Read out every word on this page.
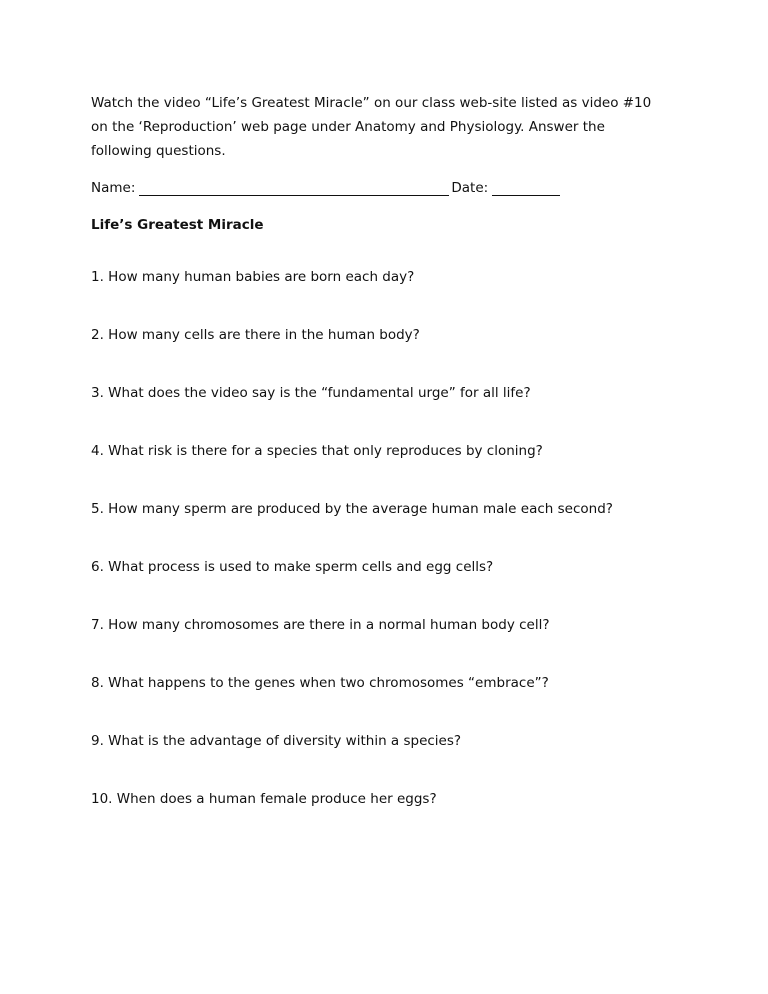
Watch the video “Life’s Greatest Miracle” on our class web-site listed as video #10
on the ‘Reproduction’ web page under Anatomy and Physiology. Answer the
following questions.
Name:	Date:
Life’s Greatest Miracle
1. How many human babies are born each day?
2. How many cells are there in the human body?
3. What does the video say is the “fundamental urge” for all life?
4. What risk is there for a species that only reproduces by cloning?
5. How many sperm are produced by the average human male each second?
6. What process is used to make sperm cells and egg cells?
7. How many chromosomes are there in a normal human body cell?
8. What happens to the genes when two chromosomes “embrace”?
9. What is the advantage of diversity within a species?
10. When does a human female produce her eggs?
